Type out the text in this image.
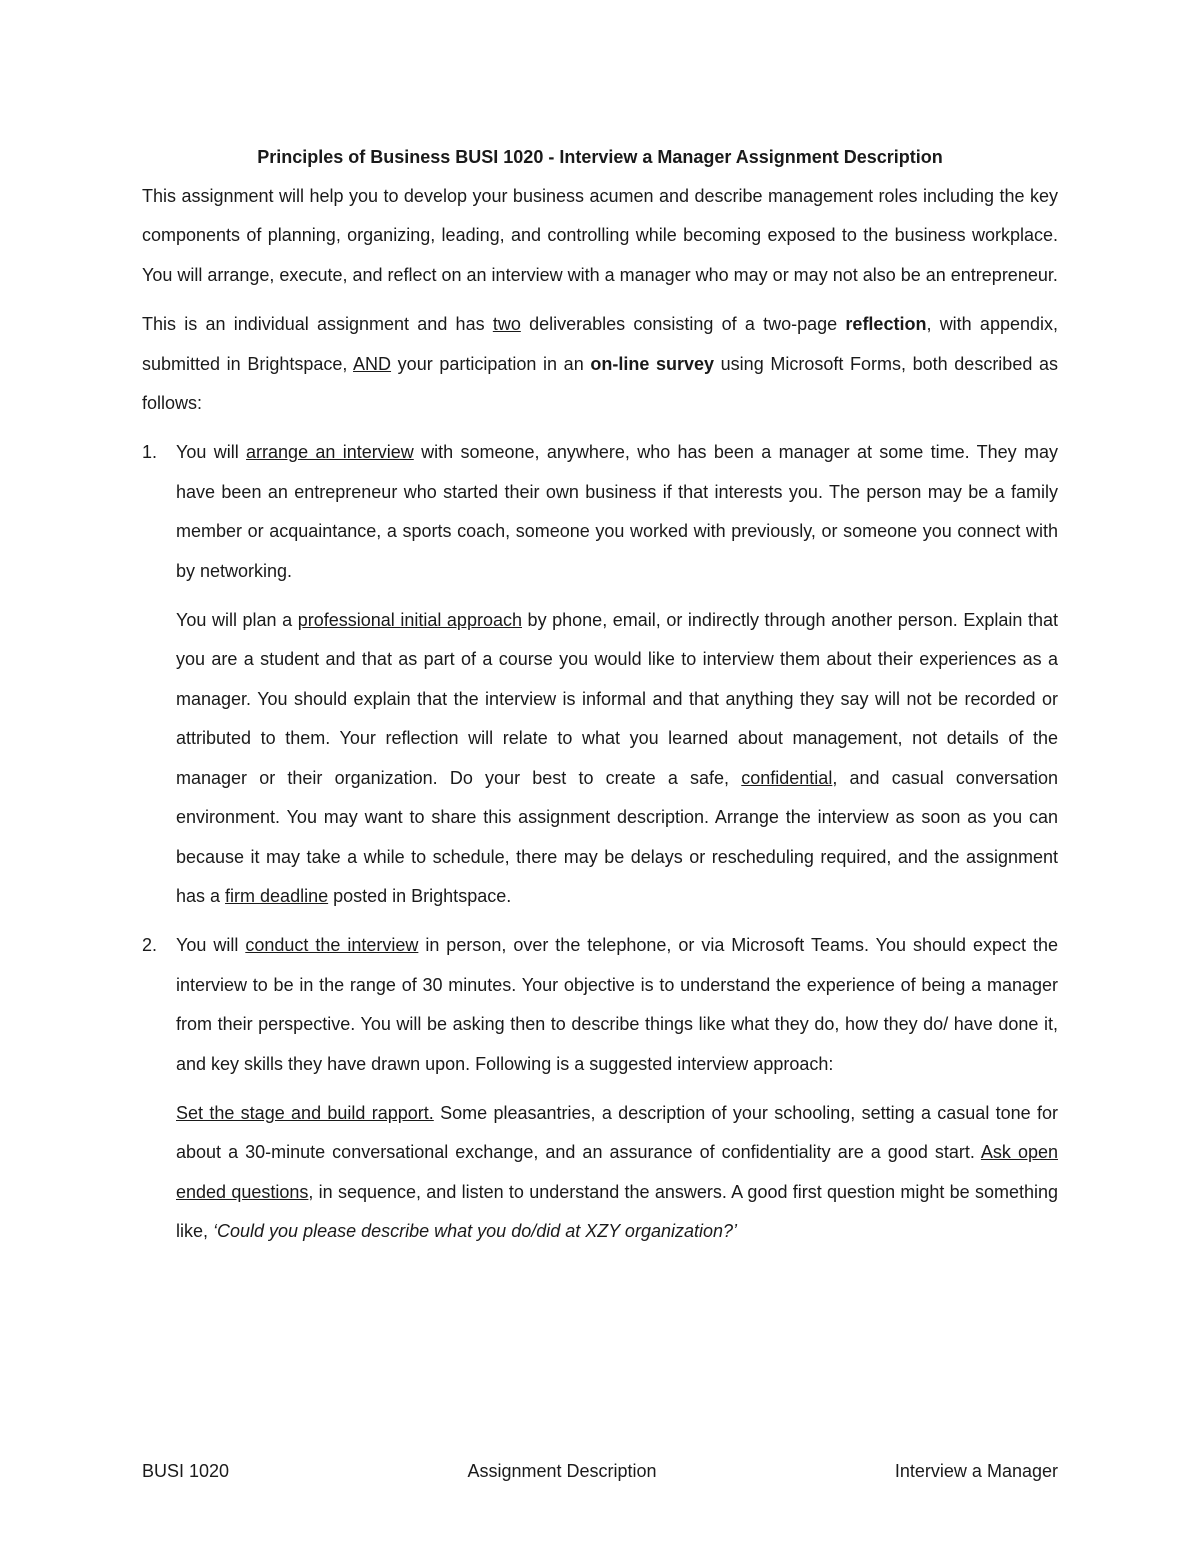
Principles of Business BUSI 1020 - Interview a Manager Assignment Description

This assignment will help you to develop your business acumen and describe management roles including the key components of planning, organizing, leading, and controlling while becoming exposed to the business workplace. You will arrange, execute, and reflect on an interview with a manager who may or may not also be an entrepreneur.

This is an individual assignment and has two deliverables consisting of a two-page reflection, with appendix, submitted in Brightspace, AND your participation in an on-line survey using Microsoft Forms, both described as follows:

1. You will arrange an interview with someone, anywhere, who has been a manager at some time. They may have been an entrepreneur who started their own business if that interests you. The person may be a family member or acquaintance, a sports coach, someone you worked with previously, or someone you connect with by networking.

You will plan a professional initial approach by phone, email, or indirectly through another person. Explain that you are a student and that as part of a course you would like to interview them about their experiences as a manager. You should explain that the interview is informal and that anything they say will not be recorded or attributed to them. Your reflection will relate to what you learned about management, not details of the manager or their organization. Do your best to create a safe, confidential, and casual conversation environment. You may want to share this assignment description. Arrange the interview as soon as you can because it may take a while to schedule, there may be delays or rescheduling required, and the assignment has a firm deadline posted in Brightspace.

2. You will conduct the interview in person, over the telephone, or via Microsoft Teams. You should expect the interview to be in the range of 30 minutes. Your objective is to understand the experience of being a manager from their perspective. You will be asking then to describe things like what they do, how they do/ have done it, and key skills they have drawn upon. Following is a suggested interview approach:

Set the stage and build rapport. Some pleasantries, a description of your schooling, setting a casual tone for about a 30-minute conversational exchange, and an assurance of confidentiality are a good start. Ask open ended questions, in sequence, and listen to understand the answers. A good first question might be something like, ‘Could you please describe what you do/did at XZY organization?’

BUSI 1020	Assignment Description	Interview a Manager
